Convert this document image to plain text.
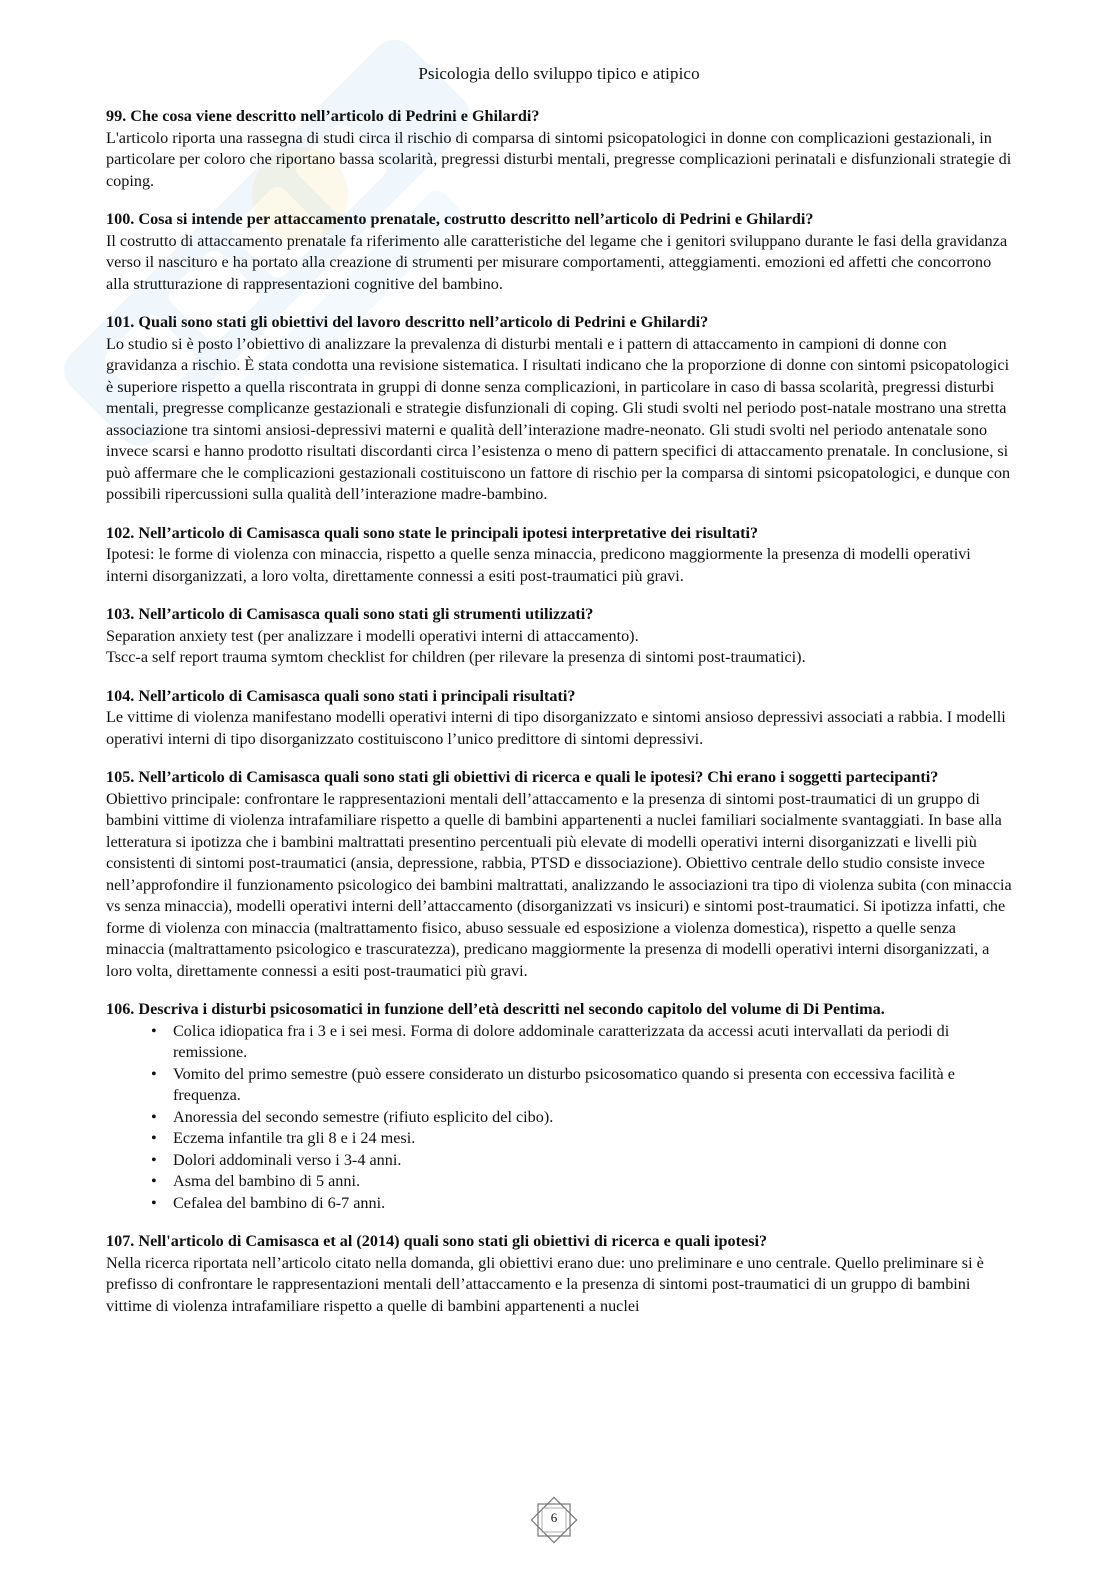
Psicologia dello sviluppo tipico e atipico

99. Che cosa viene descritto nell’articolo di Pedrini e Ghilardi?

L'articolo riporta una rassegna di studi circa il rischio di comparsa di sintomi psicopatologici in donne con complicazioni gestazionali, in particolare per coloro che riportano bassa scolarità, pregressi disturbi mentali, pregresse complicazioni perinatali e disfunzionali strategie di coping.

100. Cosa si intende per attaccamento prenatale, costrutto descritto nell’articolo di Pedrini e Ghilardi?

Il costrutto di attaccamento prenatale fa riferimento alle caratteristiche del legame che i genitori sviluppano durante le fasi della gravidanza verso il nascituro e ha portato alla creazione di strumenti per misurare comportamenti, atteggiamenti. emozioni ed affetti che concorrono alla strutturazione di rappresentazioni cognitive del bambino.

101. Quali sono stati gli obiettivi del lavoro descritto nell’articolo di Pedrini e Ghilardi?

Lo studio si è posto l’obiettivo di analizzare la prevalenza di disturbi mentali e i pattern di attaccamento in campioni di donne con gravidanza a rischio. È stata condotta una revisione sistematica. I risultati indicano che la proporzione di donne con sintomi psicopatologici è superiore rispetto a quella riscontrata in gruppi di donne senza complicazioni, in particolare in caso di bassa scolarità, pregressi disturbi mentali, pregresse complicanze gestazionali e strategie disfunzionali di coping. Gli studi svolti nel periodo post-natale mostrano una stretta associazione tra sintomi ansiosi-depressivi materni e qualità dell’interazione madre-neonato. Gli studi svolti nel periodo antenatale sono invece scarsi e hanno prodotto risultati discordanti circa l’esistenza o meno di pattern specifici di attaccamento prenatale. In conclusione, si può affermare che le complicazioni gestazionali costituiscono un fattore di rischio per la comparsa di sintomi psicopatologici, e dunque con possibili ripercussioni sulla qualità dell’interazione madre-bambino.

102. Nell’articolo di Camisasca quali sono state le principali ipotesi interpretative dei risultati?

Ipotesi: le forme di violenza con minaccia, rispetto a quelle senza minaccia, predicono maggiormente la presenza di modelli operativi interni disorganizzati, a loro volta, direttamente connessi a esiti post-traumatici più gravi.

103. Nell’articolo di Camisasca quali sono stati gli strumenti utilizzati?

Separation anxiety test (per analizzare i modelli operativi interni di attaccamento).

Tscc-a self report trauma symtom checklist for children (per rilevare la presenza di sintomi post-traumatici).

104. Nell’articolo di Camisasca quali sono stati i principali risultati?

Le vittime di violenza manifestano modelli operativi interni di tipo disorganizzato e sintomi ansioso depressivi associati a rabbia. I modelli operativi interni di tipo disorganizzato costituiscono l’unico predittore di sintomi depressivi.

105. Nell’articolo di Camisasca quali sono stati gli obiettivi di ricerca e quali le ipotesi? Chi erano i soggetti partecipanti?

Obiettivo principale: confrontare le rappresentazioni mentali dell’attaccamento e la presenza di sintomi post-traumatici di un gruppo di bambini vittime di violenza intrafamiliare rispetto a quelle di bambini appartenenti a nuclei familiari socialmente svantaggiati. In base alla letteratura si ipotizza che i bambini maltrattati presentino percentuali più elevate di modelli operativi interni disorganizzati e livelli più consistenti di sintomi post-traumatici (ansia, depressione, rabbia, PTSD e dissociazione). Obiettivo centrale dello studio consiste invece nell’approfondire il funzionamento psicologico dei bambini maltrattati, analizzando le associazioni tra tipo di violenza subita (con minaccia vs senza minaccia), modelli operativi interni dell’attaccamento (disorganizzati vs insicuri) e sintomi post-traumatici. Si ipotizza infatti, che forme di violenza con minaccia (maltrattamento fisico, abuso sessuale ed esposizione a violenza domestica), rispetto a quelle senza minaccia (maltrattamento psicologico e trascuratezza), predicano maggiormente la presenza di modelli operativi interni disorganizzati, a loro volta, direttamente connessi a esiti post-traumatici più gravi.

106. Descriva i disturbi psicosomatici in funzione dell’età descritti nel secondo capitolo del volume di Di Pentima.

• Colica idiopatica fra i 3 e i sei mesi. Forma di dolore addominale caratterizzata da accessi acuti intervallati da periodi di remissione.
• Vomito del primo semestre (può essere considerato un disturbo psicosomatico quando si presenta con eccessiva facilità e frequenza.
• Anoressia del secondo semestre (rifiuto esplicito del cibo).
• Eczema infantile tra gli 8 e i 24 mesi.
• Dolori addominali verso i 3-4 anni.
• Asma del bambino di 5 anni.
• Cefalea del bambino di 6-7 anni.

107. Nell'articolo di Camisasca et al (2014) quali sono stati gli obiettivi di ricerca e quali ipotesi?

Nella ricerca riportata nell’articolo citato nella domanda, gli obiettivi erano due: uno preliminare e uno centrale. Quello preliminare si è prefisso di confrontare le rappresentazioni mentali dell’attaccamento e la presenza di sintomi post-traumatici di un gruppo di bambini vittime di violenza intrafamiliare rispetto a quelle di bambini appartenenti a nuclei

6
